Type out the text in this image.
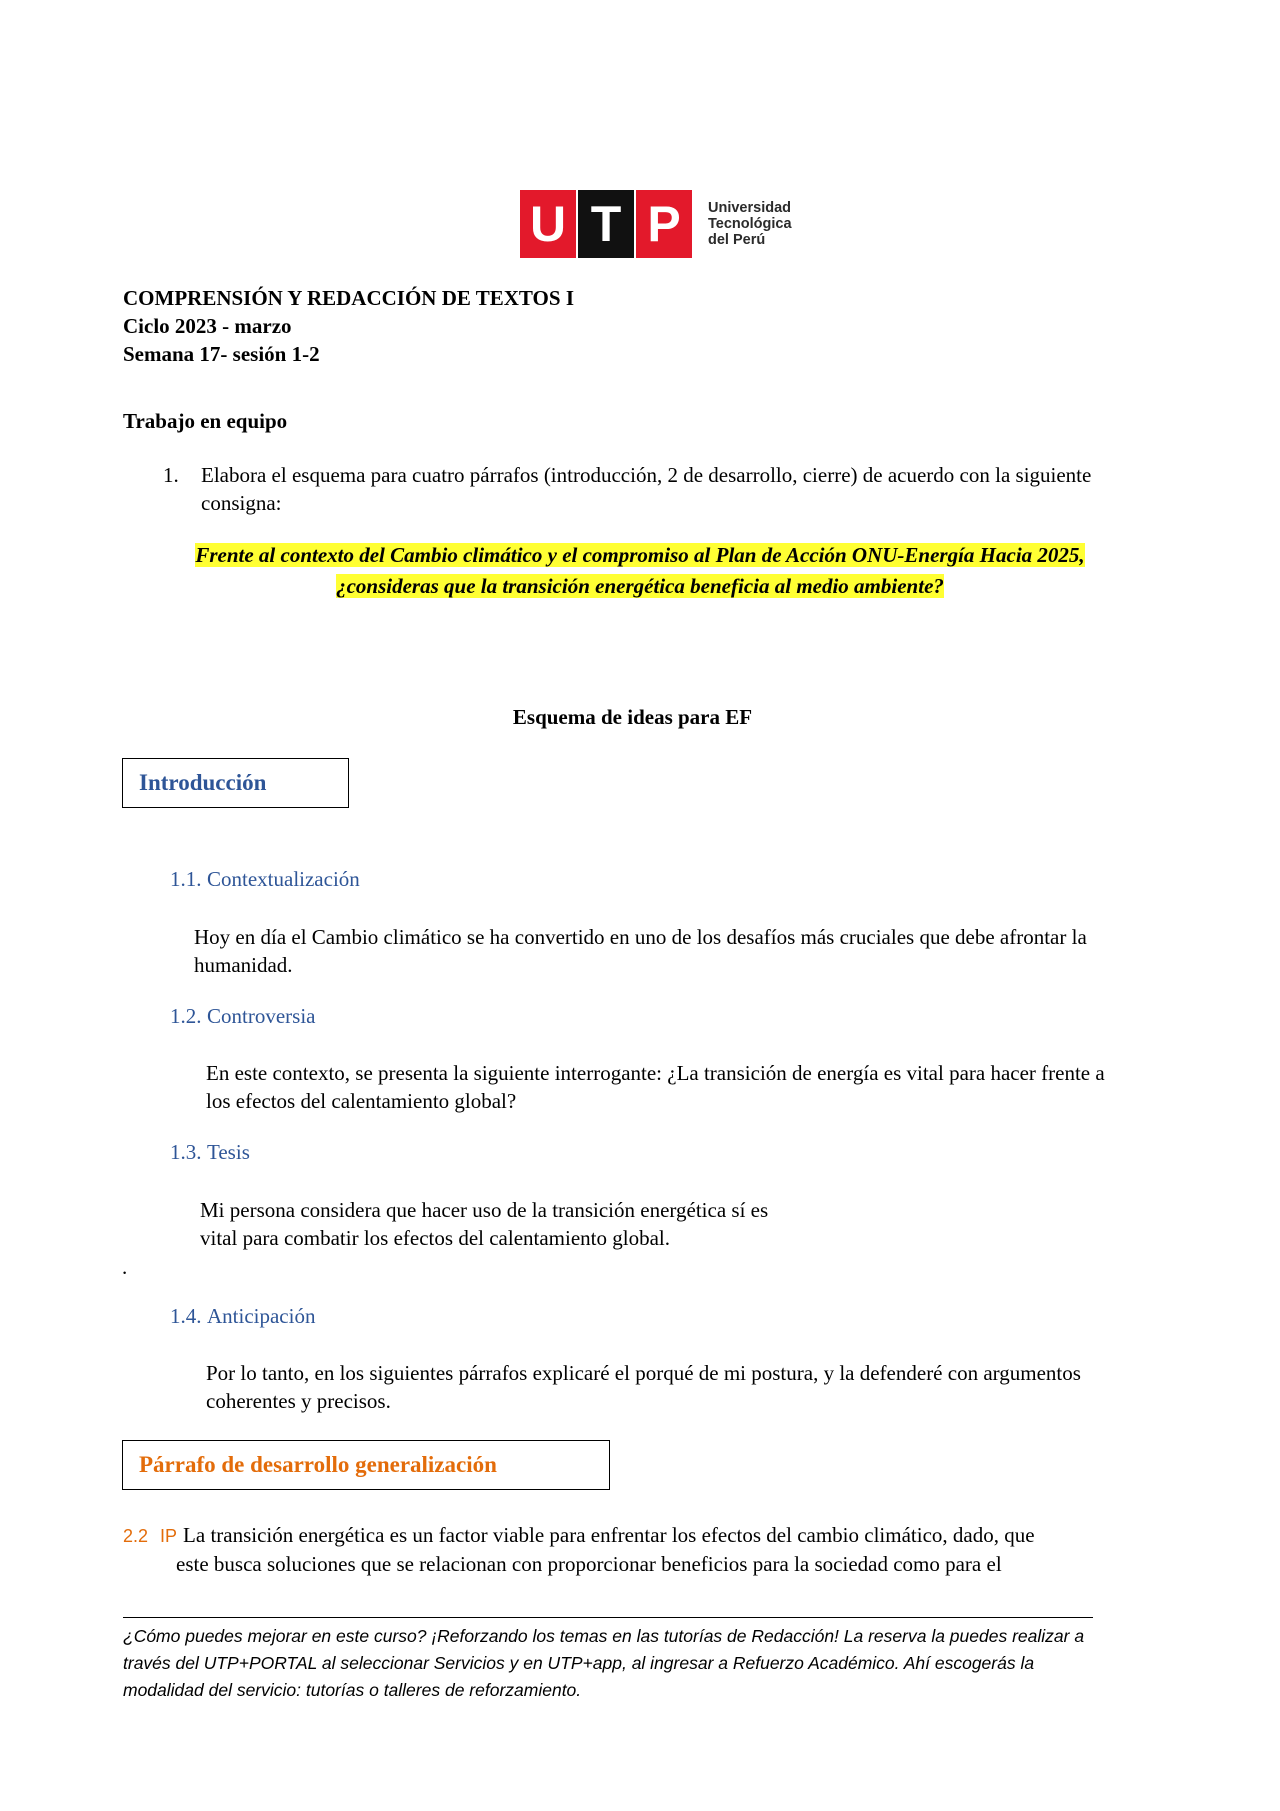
U T P	Universidad
Tecnológica
del Perú
COMPRENSIÓN Y REDACCIÓN DE TEXTOS I
Ciclo 2023 - marzo
Semana 17- sesión 1-2
Trabajo en equipo
1. Elabora el esquema para cuatro párrafos (introducción, 2 de desarrollo, cierre) de acuerdo con la siguiente consigna:
Frente al contexto del Cambio climático y el compromiso al Plan de Acción ONU-Energía Hacia 2025,
¿consideras que la transición energética beneficia al medio ambiente?
Esquema de ideas para EF
Introducción
1.1. Contextualización
Hoy en día el Cambio climático se ha convertido en uno de los desafíos más cruciales que debe afrontar la humanidad.
1.2. Controversia
En este contexto, se presenta la siguiente interrogante: ¿La transición de energía es vital para hacer frente a los efectos del calentamiento global?
1.3. Tesis
Mi persona considera que hacer uso de la transición energética sí es
vital para combatir los efectos del calentamiento global.
.
1.4. Anticipación
Por lo tanto, en los siguientes párrafos explicaré el porqué de mi postura, y la defenderé con argumentos coherentes y precisos.
Párrafo de desarrollo generalización
2.2 IP La transición energética es un factor viable para enfrentar los efectos del cambio climático, dado, que
este busca soluciones que se relacionan con proporcionar beneficios para la sociedad como para el
¿Cómo puedes mejorar en este curso? ¡Reforzando los temas en las tutorías de Redacción! La reserva la puedes realizar a través del UTP+PORTAL al seleccionar Servicios y en UTP+app, al ingresar a Refuerzo Académico. Ahí escogerás la modalidad del servicio: tutorías o talleres de reforzamiento.
